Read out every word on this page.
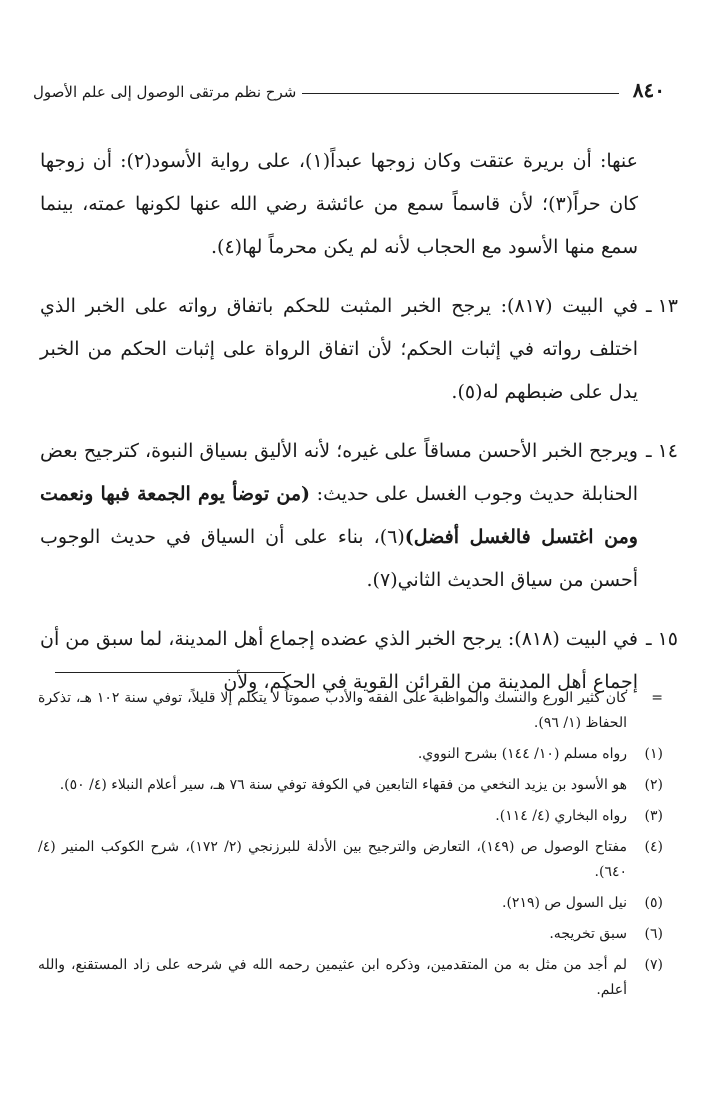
٨٤٠
شرح نظم مرتقى الوصول إلى علم الأصول

عنها: أن بريرة عتقت وكان زوجها عبداً(١)، على رواية الأسود(٢): أن زوجها كان حراً(٣)؛ لأن قاسماً سمع من عائشة رضي الله عنها لكونها عمته، بينما سمع منها الأسود مع الحجاب لأنه لم يكن محرماً لها(٤).

١٣ ـ

في البيت (٨١٧): يرجح الخبر المثبت للحكم باتفاق رواته على الخبر الذي اختلف رواته في إثبات الحكم؛ لأن اتفاق الرواة على إثبات الحكم من الخبر يدل على ضبطهم له(٥).

١٤ ـ

ويرجح الخبر الأحسن مساقاً على غيره؛ لأنه الأليق بسياق النبوة، كترجيح بعض الحنابلة حديث وجوب الغسل على حديث: (من توضأ يوم الجمعة فبها ونعمت ومن اغتسل فالغسل أفضل)(٦)، بناء على أن السياق في حديث الوجوب أحسن من سياق الحديث الثاني(٧).

١٥ ـ

في البيت (٨١٨): يرجح الخبر الذي عضده إجماع أهل المدينة، لما سبق من أن إجماع أهل المدينة من القرائن القوية في الحكم، ولأن

=
كان كثير الورع والنسك والمواظبة على الفقه والأدب صموتاً لا يتكلم إلا قليلاً، توفي سنة ١٠٢ هـ، تذكرة الحفاظ (١/ ٩٦).
(١)
رواه مسلم (١٠/ ١٤٤) بشرح النووي.
(٢)
هو الأسود بن يزيد النخعي من فقهاء التابعين في الكوفة توفي سنة ٧٦ هـ، سير أعلام النبلاء (٤/ ٥٠).
(٣)
رواه البخاري (٤/ ١١٤).
(٤)
مفتاح الوصول ص (١٤٩)، التعارض والترجيح بين الأدلة للبرزنجي (٢/ ١٧٢)، شرح الكوكب المنير (٤/ ٦٤٠).
(٥)
نيل السول ص (٢١٩).
(٦)
سبق تخريجه.
(٧)
لم أجد من مثل به من المتقدمين، وذكره ابن عثيمين رحمه الله في شرحه على زاد المستقنع، والله أعلم.
